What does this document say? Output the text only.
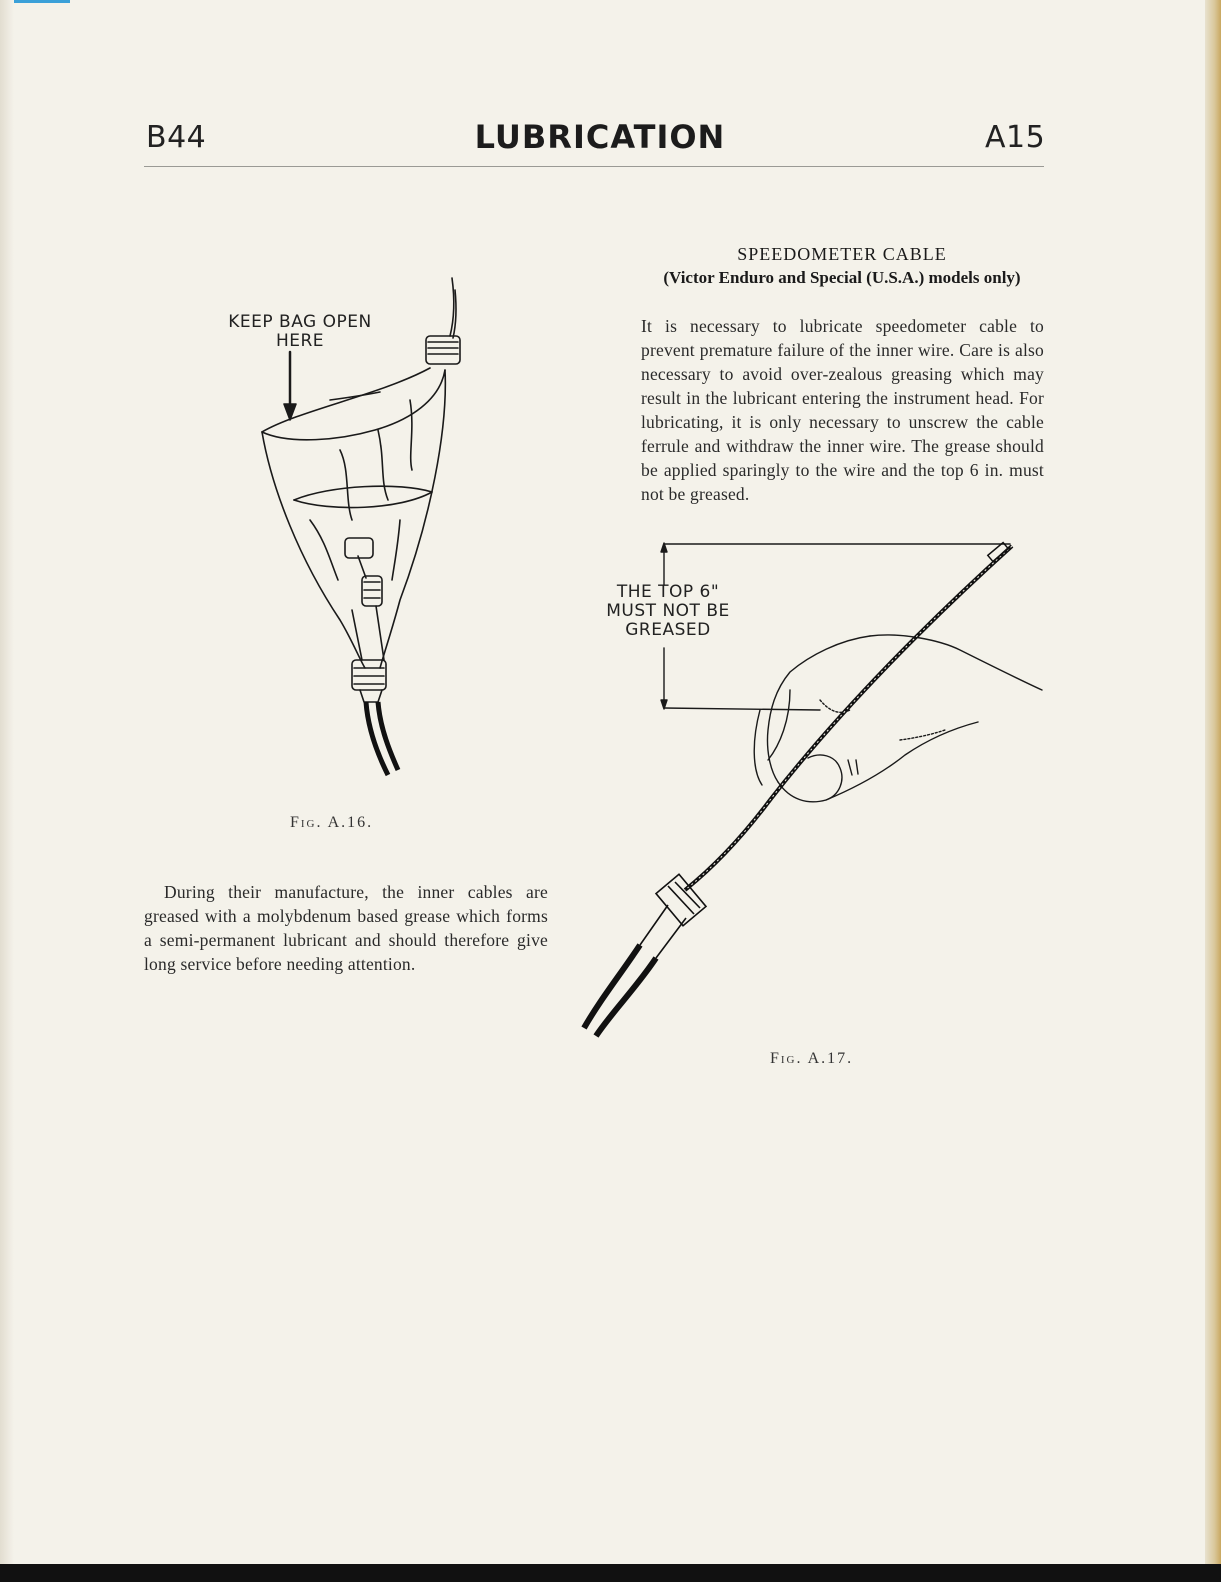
B44	LUBRICATION	A15
KEEP BAG OPEN
HERE
Fig. A.16.
SPEEDOMETER CABLE
(Victor Enduro and Special (U.S.A.) models only)
It is necessary to lubricate speedometer cable to prevent premature failure of the inner wire. Care is also necessary to avoid over-zealous greasing which may result in the lubricant entering the instrument head. For lubricating, it is only necessary to unscrew the cable ferrule and withdraw the inner wire. The grease should be applied sparingly to the wire and the top 6 in. must not be greased.
THE TOP 6"
MUST NOT BE
GREASED
Fig. A.17.
During their manufacture, the inner cables are greased with a molybdenum based grease which forms a semi-permanent lubricant and should therefore give long service before needing attention.
